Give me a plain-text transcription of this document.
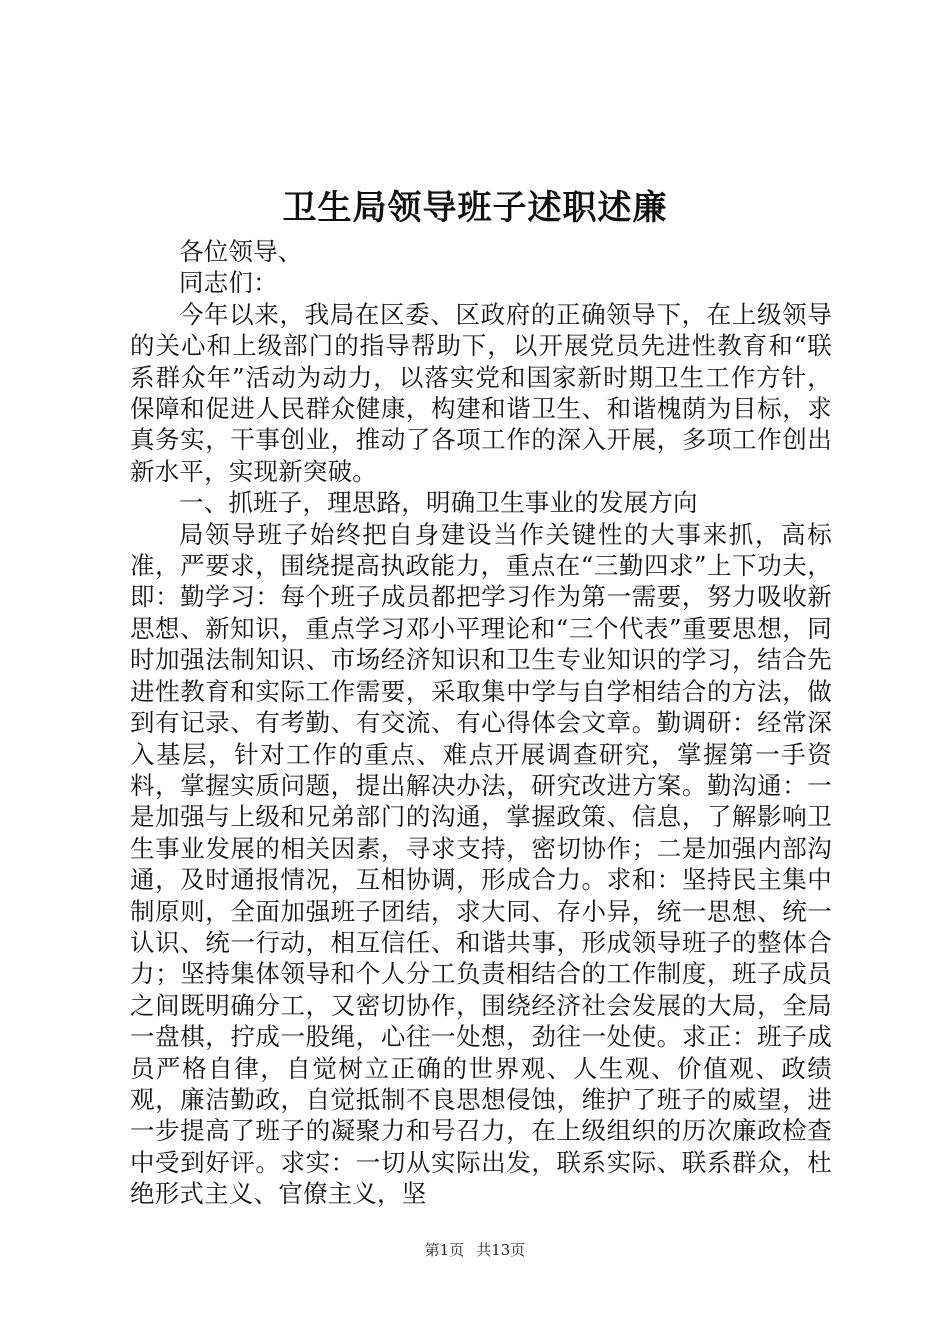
卫生局领导班子述职述廉

各位领导、

同志们：

今年以来，我局在区委、区政府的正确领导下，在上级领导的关心和上级部门的指导帮助下，以开展党员先进性教育和“联系群众年”活动为动力，以落实党和国家新时期卫生工作方针，保障和促进人民群众健康，构建和谐卫生、和谐槐荫为目标，求真务实，干事创业，推动了各项工作的深入开展，多项工作创出新水平，实现新突破。

一、抓班子，理思路，明确卫生事业的发展方向

局领导班子始终把自身建设当作关键性的大事来抓，高标准，严要求，围绕提高执政能力，重点在“三勤四求”上下功夫，即：勤学习：每个班子成员都把学习作为第一需要，努力吸收新思想、新知识，重点学习邓小平理论和“三个代表”重要思想，同时加强法制知识、市场经济知识和卫生专业知识的学习，结合先进性教育和实际工作需要，采取集中学与自学相结合的方法，做到有记录、有考勤、有交流、有心得体会文章。勤调研：经常深入基层，针对工作的重点、难点开展调查研究，掌握第一手资料，掌握实质问题，提出解决办法，研究改进方案。勤沟通：一是加强与上级和兄弟部门的沟通，掌握政策、信息，了解影响卫生事业发展的相关因素，寻求支持，密切协作；二是加强内部沟通，及时通报情况，互相协调，形成合力。求和：坚持民主集中制原则，全面加强班子团结，求大同、存小异，统一思想、统一认识、统一行动，相互信任、和谐共事，形成领导班子的整体合力；坚持集体领导和个人分工负责相结合的工作制度，班子成员之间既明确分工，又密切协作，围绕经济社会发展的大局，全局一盘棋，拧成一股绳，心往一处想，劲往一处使。求正：班子成员严格自律，自觉树立正确的世界观、人生观、价值观、政绩观，廉洁勤政，自觉抵制不良思想侵蚀，维护了班子的威望，进一步提高了班子的凝聚力和号召力，在上级组织的历次廉政检查中受到好评。求实：一切从实际出发，联系实际、联系群众，杜绝形式主义、官僚主义，坚

第1页 共13页
